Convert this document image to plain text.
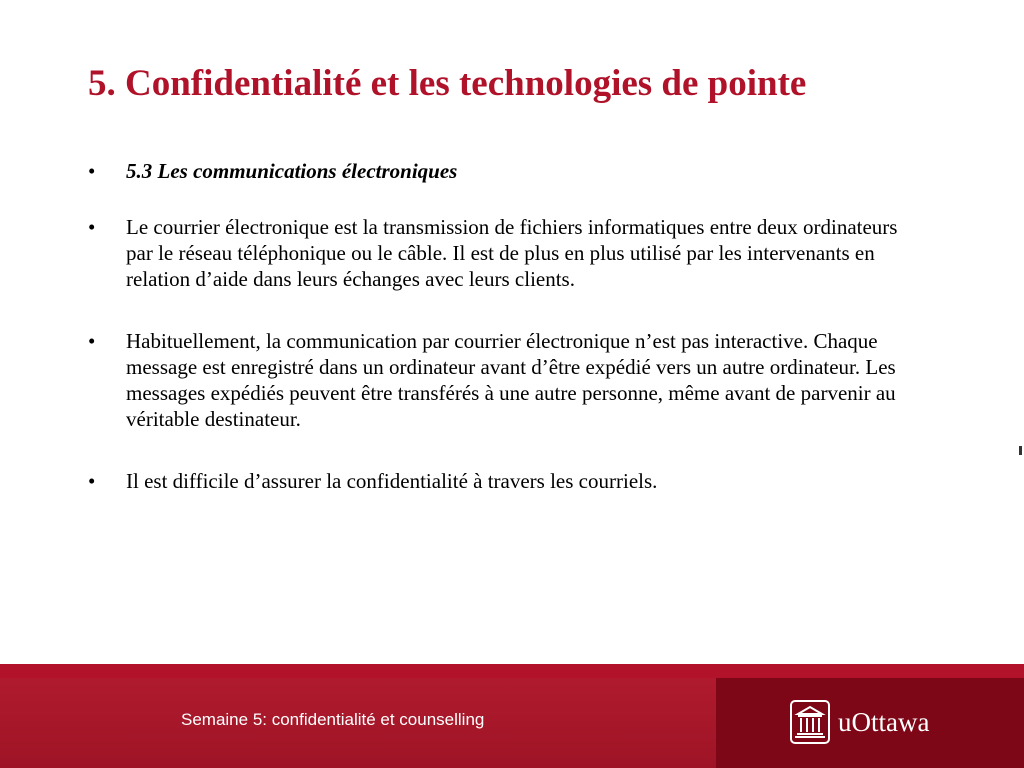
5. Confidentialité et les technologies de pointe
• 5.3 Les communications électroniques
• Le courrier électronique est la transmission de fichiers informatiques entre deux ordinateurs par le réseau téléphonique ou le câble. Il est de plus en plus utilisé par les intervenants en relation d’aide dans leurs échanges avec leurs clients.
• Habituellement, la communication par courrier électronique n’est pas interactive. Chaque message est enregistré dans un ordinateur avant d’être expédié vers un autre ordinateur. Les messages expédiés peuvent être transférés à une autre personne, même avant de parvenir au véritable destinateur.
• Il est difficile d’assurer la confidentialité à travers les courriels.
Semaine 5: confidentialité et counselling	uOttawa
